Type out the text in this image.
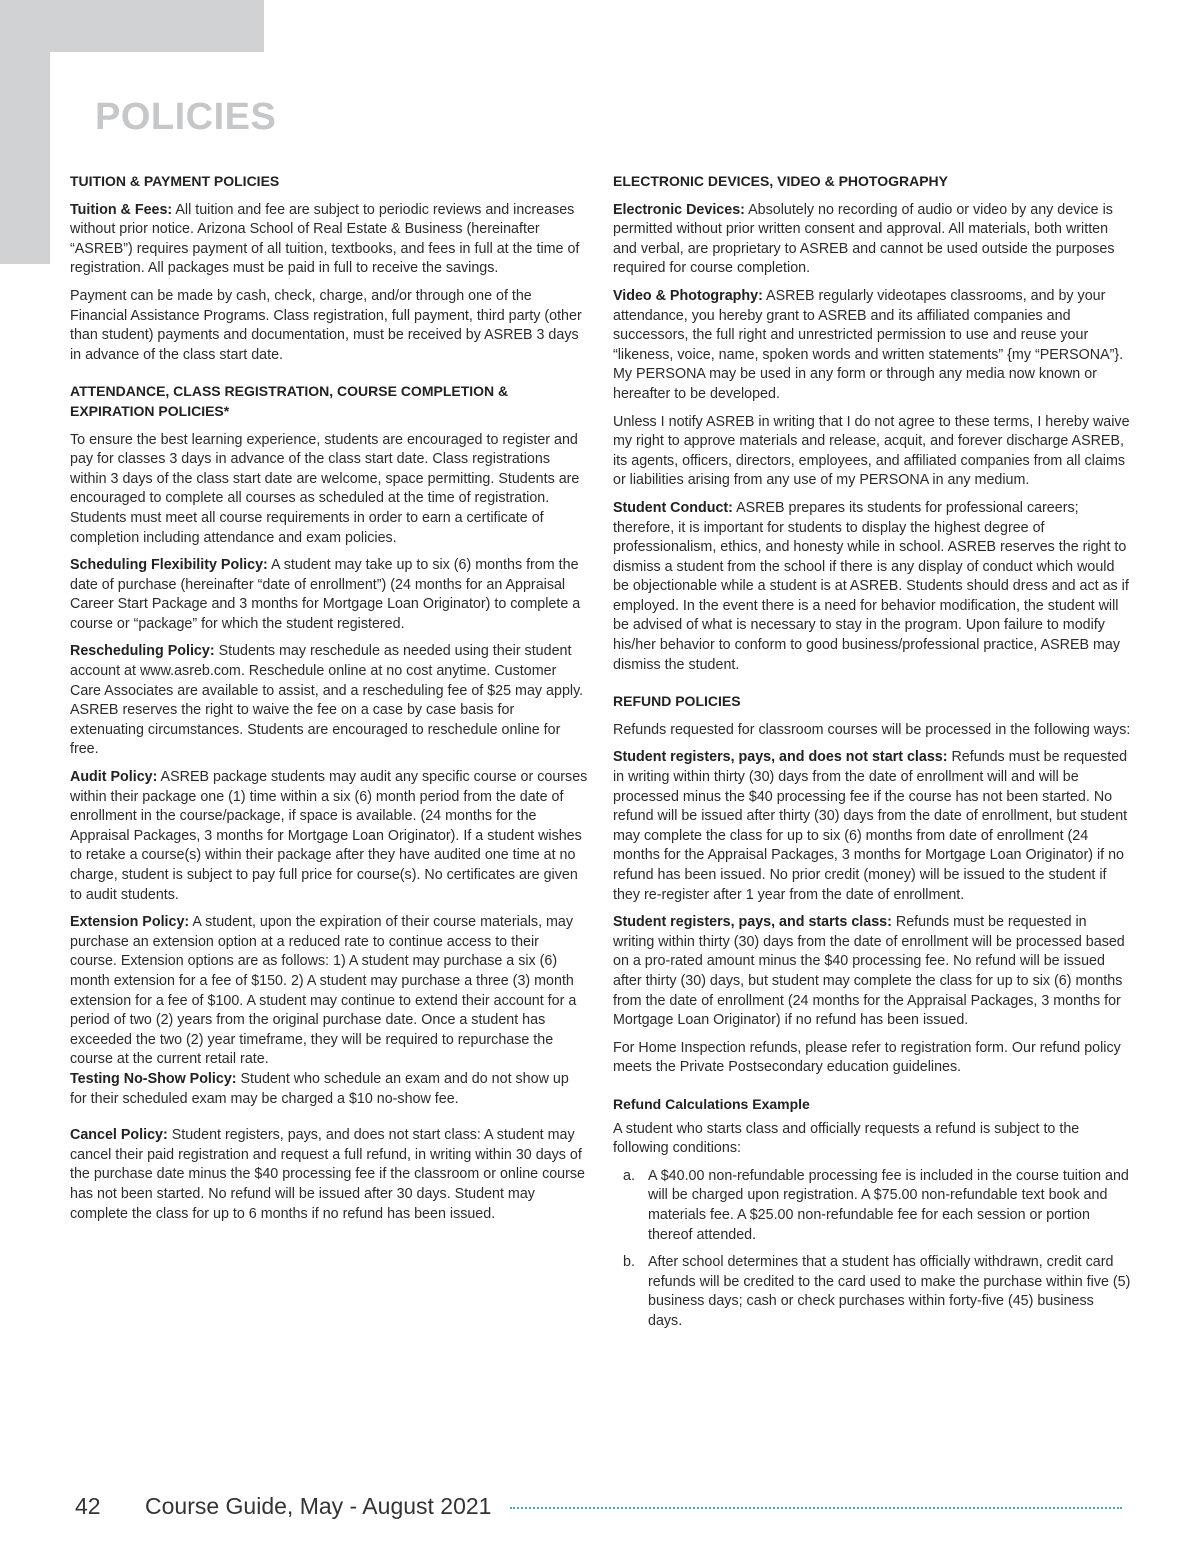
POLICIES
TUITION & PAYMENT POLICIES

Tuition & Fees: All tuition and fee are subject to periodic reviews and increases without prior notice. Arizona School of Real Estate & Business (hereinafter “ASREB”) requires payment of all tuition, textbooks, and fees in full at the time of registration. All packages must be paid in full to receive the savings.

Payment can be made by cash, check, charge, and/or through one of the Financial Assistance Programs. Class registration, full payment, third party (other than student) payments and documentation, must be received by ASREB 3 days in advance of the class start date.

ATTENDANCE, CLASS REGISTRATION, COURSE COMPLETION & EXPIRATION POLICIES*

To ensure the best learning experience, students are encouraged to register and pay for classes 3 days in advance of the class start date. Class registrations within 3 days of the class start date are welcome, space permitting. Students are encouraged to complete all courses as scheduled at the time of registration. Students must meet all course requirements in order to earn a certificate of completion including attendance and exam policies.

Scheduling Flexibility Policy: A student may take up to six (6) months from the date of purchase (hereinafter “date of enrollment”) (24 months for an Appraisal Career Start Package and 3 months for Mortgage Loan Originator) to complete a course or “package” for which the student registered.

Rescheduling Policy: Students may reschedule as needed using their student account at www.asreb.com. Reschedule online at no cost anytime. Customer Care Associates are available to assist, and a rescheduling fee of $25 may apply. ASREB reserves the right to waive the fee on a case by case basis for extenuating circumstances. Students are encouraged to reschedule online for free.

Audit Policy: ASREB package students may audit any specific course or courses within their package one (1) time within a six (6) month period from the date of enrollment in the course/package, if space is available. (24 months for the Appraisal Packages, 3 months for Mortgage Loan Originator). If a student wishes to retake a course(s) within their package after they have audited one time at no charge, student is subject to pay full price for course(s). No certificates are given to audit students.

Extension Policy: A student, upon the expiration of their course materials, may purchase an extension option at a reduced rate to continue access to their course. Extension options are as follows: 1) A student may purchase a six (6) month extension for a fee of $150. 2) A student may purchase a three (3) month extension for a fee of $100. A student may continue to extend their account for a period of two (2) years from the original purchase date. Once a student has exceeded the two (2) year timeframe, they will be required to repurchase the course at the current retail rate.

Testing No-Show Policy: Student who schedule an exam and do not show up for their scheduled exam may be charged a $10 no-show fee.

Cancel Policy: Student registers, pays, and does not start class: A student may cancel their paid registration and request a full refund, in writing within 30 days of the purchase date minus the $40 processing fee if the classroom or online course has not been started. No refund will be issued after 30 days. Student may complete the class for up to 6 months if no refund has been issued.

ELECTRONIC DEVICES, VIDEO & PHOTOGRAPHY

Electronic Devices: Absolutely no recording of audio or video by any device is permitted without prior written consent and approval. All materials, both written and verbal, are proprietary to ASREB and cannot be used outside the purposes required for course completion.

Video & Photography: ASREB regularly videotapes classrooms, and by your attendance, you hereby grant to ASREB and its affiliated companies and successors, the full right and unrestricted permission to use and reuse your “likeness, voice, name, spoken words and written statements” {my “PERSONA”}. My PERSONA may be used in any form or through any media now known or hereafter to be developed.

Unless I notify ASREB in writing that I do not agree to these terms, I hereby waive my right to approve materials and release, acquit, and forever discharge ASREB, its agents, officers, directors, employees, and affiliated companies from all claims or liabilities arising from any use of my PERSONA in any medium.

Student Conduct: ASREB prepares its students for professional careers; therefore, it is important for students to display the highest degree of professionalism, ethics, and honesty while in school. ASREB reserves the right to dismiss a student from the school if there is any display of conduct which would be objectionable while a student is at ASREB. Students should dress and act as if employed. In the event there is a need for behavior modification, the student will be advised of what is necessary to stay in the program. Upon failure to modify his/her behavior to conform to good business/professional practice, ASREB may dismiss the student.

REFUND POLICIES

Refunds requested for classroom courses will be processed in the following ways:

Student registers, pays, and does not start class: Refunds must be requested in writing within thirty (30) days from the date of enrollment will and will be processed minus the $40 processing fee if the course has not been started. No refund will be issued after thirty (30) days from the date of enrollment, but student may complete the class for up to six (6) months from date of enrollment (24 months for the Appraisal Packages, 3 months for Mortgage Loan Originator) if no refund has been issued. No prior credit (money) will be issued to the student if they re-register after 1 year from the date of enrollment.

Student registers, pays, and starts class: Refunds must be requested in writing within thirty (30) days from the date of enrollment will be processed based on a pro-rated amount minus the $40 processing fee. No refund will be issued after thirty (30) days, but student may complete the class for up to six (6) months from the date of enrollment (24 months for the Appraisal Packages, 3 months for Mortgage Loan Originator) if no refund has been issued.

For Home Inspection refunds, please refer to registration form. Our refund policy meets the Private Postsecondary education guidelines.

Refund Calculations Example

A student who starts class and officially requests a refund is subject to the following conditions:

a. A $40.00 non-refundable processing fee is included in the course tuition and will be charged upon registration. A $75.00 non-refundable text book and materials fee. A $25.00 non-refundable fee for each session or portion thereof attended.
b. After school determines that a student has officially withdrawn, credit card refunds will be credited to the card used to make the purchase within five (5) business days; cash or check purchases within forty-five (45) business days.
42 Course Guide, May - August 2021
